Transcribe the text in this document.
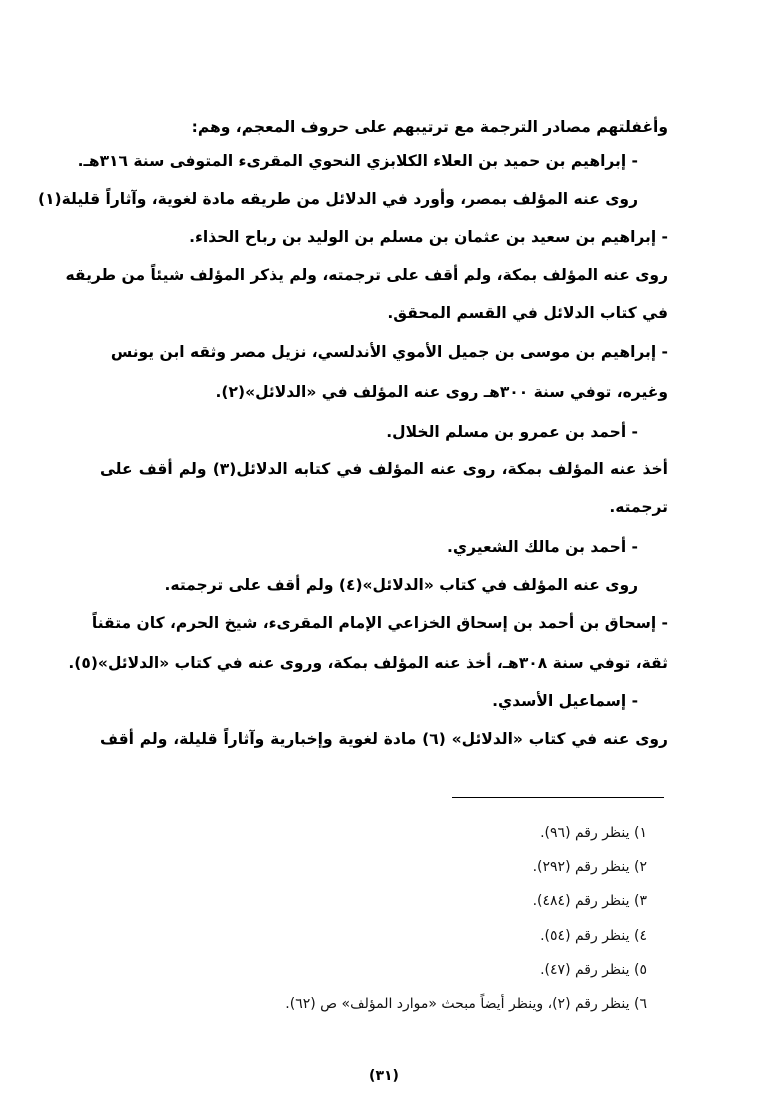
وأغفلتهم مصادر الترجمة مع ترتيبهم على حروف المعجم، وهم:
- إبراهيم بن حميد بن العلاء الكلابزي النحوي المقرىء المتوفى سنة ٣١٦هـ.
روى عنه المؤلف بمصر، وأورد في الدلائل من طريقه مادة لغوية، وآثاراً قليلة(١)
- إبراهيم بن سعيد بن عثمان بن مسلم بن الوليد بن رباح الحذاء.
روى عنه المؤلف بمكة، ولم أقف على ترجمته، ولم يذكر المؤلف شيئاً من طريقه
في كتاب الدلائل في القسم المحقق.
- إبراهيم بن موسى بن جميل الأموي الأندلسي، نزيل مصر وثقه ابن يونس
وغيره، توفي سنة ٣٠٠هـ روى عنه المؤلف في «الدلائل»(٢).
- أحمد بن عمرو بن مسلم الخلال.
أخذ عنه المؤلف بمكة، روى عنه المؤلف في كتابه الدلائل(٣) ولم أقف على
ترجمته.
- أحمد بن مالك الشعيري.
روى عنه المؤلف في كتاب «الدلائل»(٤) ولم أقف على ترجمته.
- إسحاق بن أحمد بن إسحاق الخزاعي الإمام المقرىء، شيخ الحرم، كان متقناً
ثقة، توفي سنة ٣٠٨هـ، أخذ عنه المؤلف بمكة، وروى عنه في كتاب «الدلائل»(٥).
- إسماعيل الأسدي.
روى عنه في كتاب «الدلائل» (٦) مادة لغوية وإخبارية وآثاراً قليلة، ولم أقف
١) ينظر رقم (٩٦).
٢) ينظر رقم (٢٩٢).
٣) ينظر رقم (٤٨٤).
٤) ينظر رقم (٥٤).
٥) ينظر رقم (٤٧).
٦) ينظر رقم (٢)، وينظر أيضاً مبحث «موارد المؤلف» ص (٦٢).
(٣١)
